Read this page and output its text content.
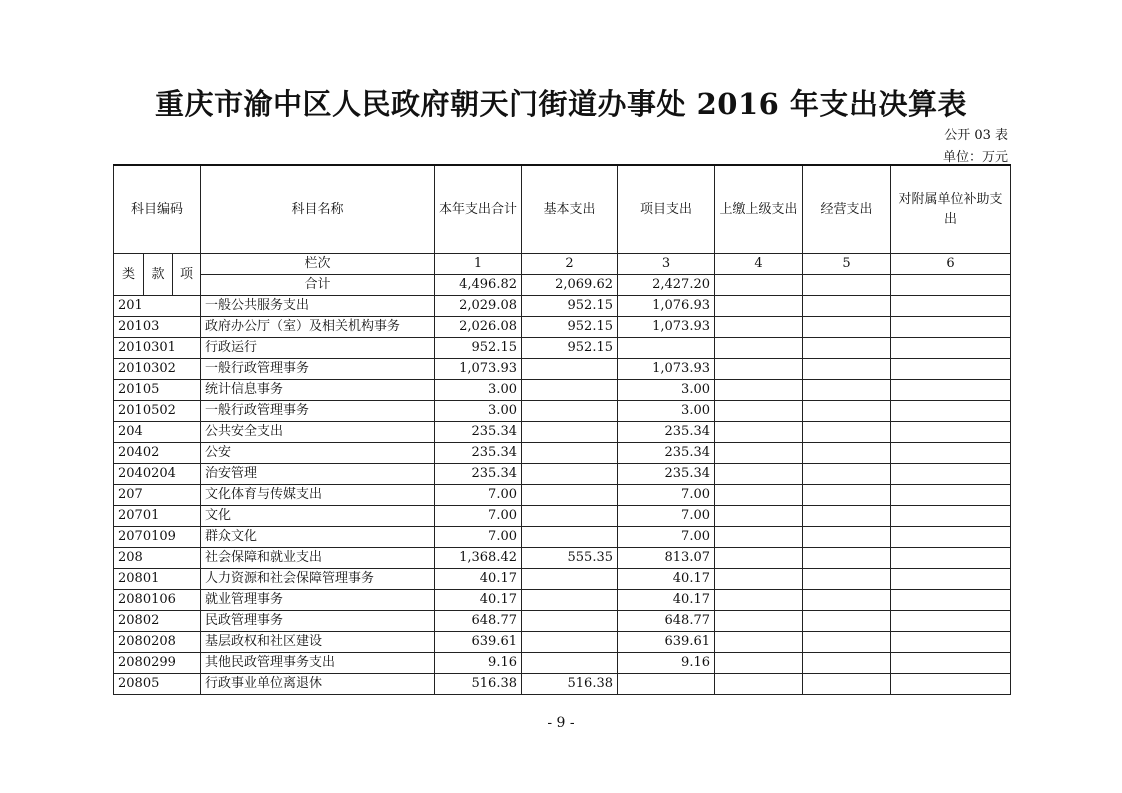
重庆市渝中区人民政府朝天门街道办事处 2016 年支出决算表
公开 03 表
单位：万元
科目编码			科目名称	本年支出合计	基本支出	项目支出	上缴上级支出	经营支出	对附属单位补助支出
类	款	项	栏次	1	2	3	4	5	6
			合计	4,496.82	2,069.62	2,427.20			
201			一般公共服务支出	2,029.08	952.15	1,076.93			
20103			政府办公厅（室）及相关机构事务	2,026.08	952.15	1,073.93			
2010301			行政运行	952.15	952.15				
2010302			一般行政管理事务	1,073.93		1,073.93			
20105			统计信息事务	3.00		3.00			
2010502			一般行政管理事务	3.00		3.00			
204			公共安全支出	235.34		235.34			
20402			公安	235.34		235.34			
2040204			治安管理	235.34		235.34			
207			文化体育与传媒支出	7.00		7.00			
20701			文化	7.00		7.00			
2070109			群众文化	7.00		7.00			
208			社会保障和就业支出	1,368.42	555.35	813.07			
20801			人力资源和社会保障管理事务	40.17		40.17			
2080106			就业管理事务	40.17		40.17			
20802			民政管理事务	648.77		648.77			
2080208			基层政权和社区建设	639.61		639.61			
2080299			其他民政管理事务支出	9.16		9.16			
20805			行政事业单位离退休	516.38	516.38				
- 9 -
